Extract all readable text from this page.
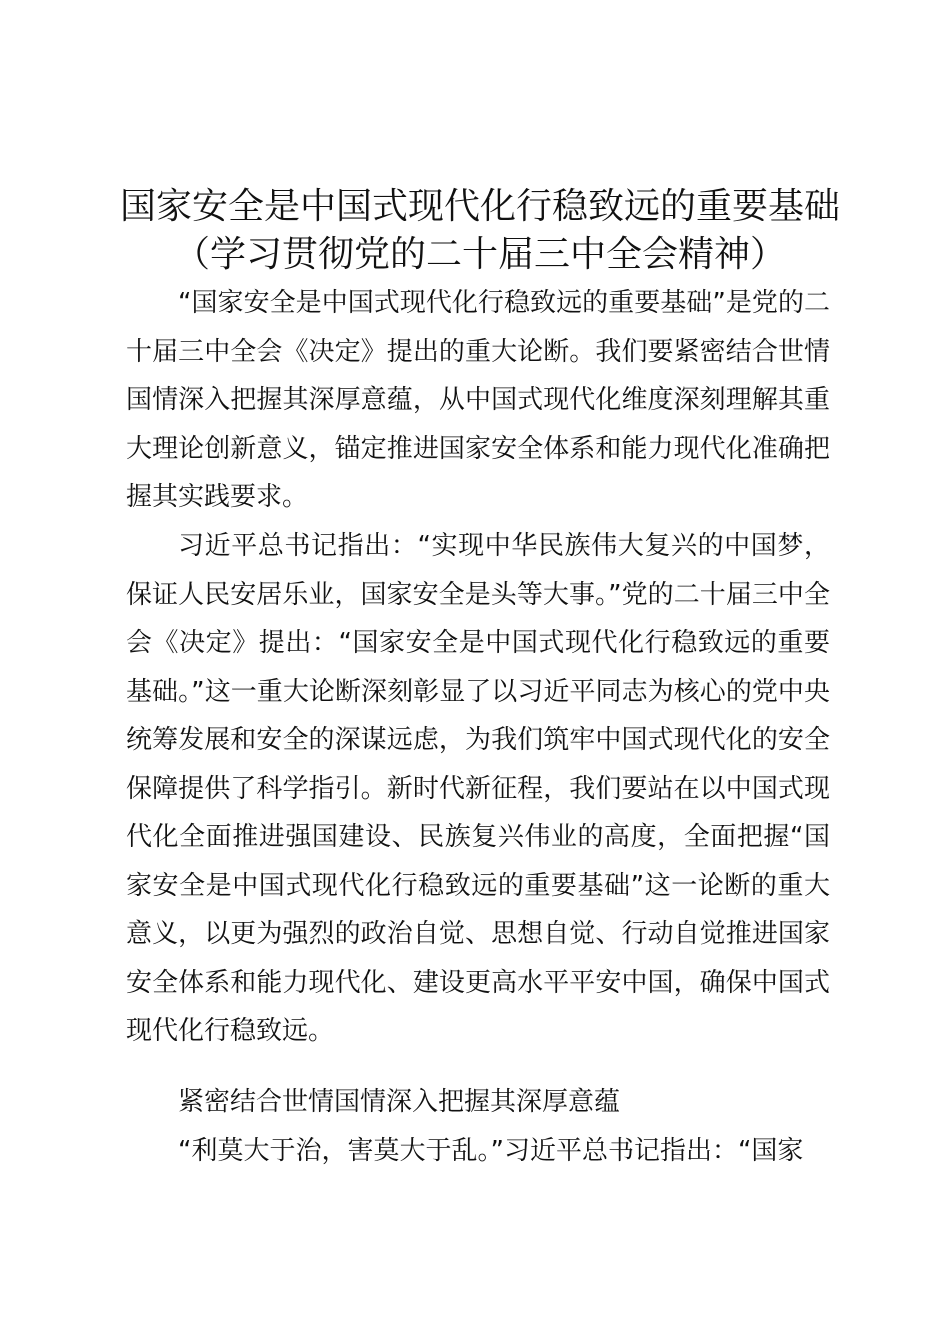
国家安全是中国式现代化行稳致远的重要基础
（学习贯彻党的二十届三中全会精神）
“国家安全是中国式现代化行稳致远的重要基础”是党的二十届三中全会《决定》提出的重大论断。我们要紧密结合世情国情深入把握其深厚意蕴，从中国式现代化维度深刻理解其重大理论创新意义，锚定推进国家安全体系和能力现代化准确把握其实践要求。
习近平总书记指出：“实现中华民族伟大复兴的中国梦，保证人民安居乐业，国家安全是头等大事。”党的二十届三中全会《决定》提出：“国家安全是中国式现代化行稳致远的重要基础。”这一重大论断深刻彰显了以习近平同志为核心的党中央统筹发展和安全的深谋远虑，为我们筑牢中国式现代化的安全保障提供了科学指引。新时代新征程，我们要站在以中国式现代化全面推进强国建设、民族复兴伟业的高度，全面把握“国家安全是中国式现代化行稳致远的重要基础”这一论断的重大意义，以更为强烈的政治自觉、思想自觉、行动自觉推进国家安全体系和能力现代化、建设更高水平平安中国，确保中国式现代化行稳致远。
紧密结合世情国情深入把握其深厚意蕴
“利莫大于治，害莫大于乱。”习近平总书记指出：“国家
